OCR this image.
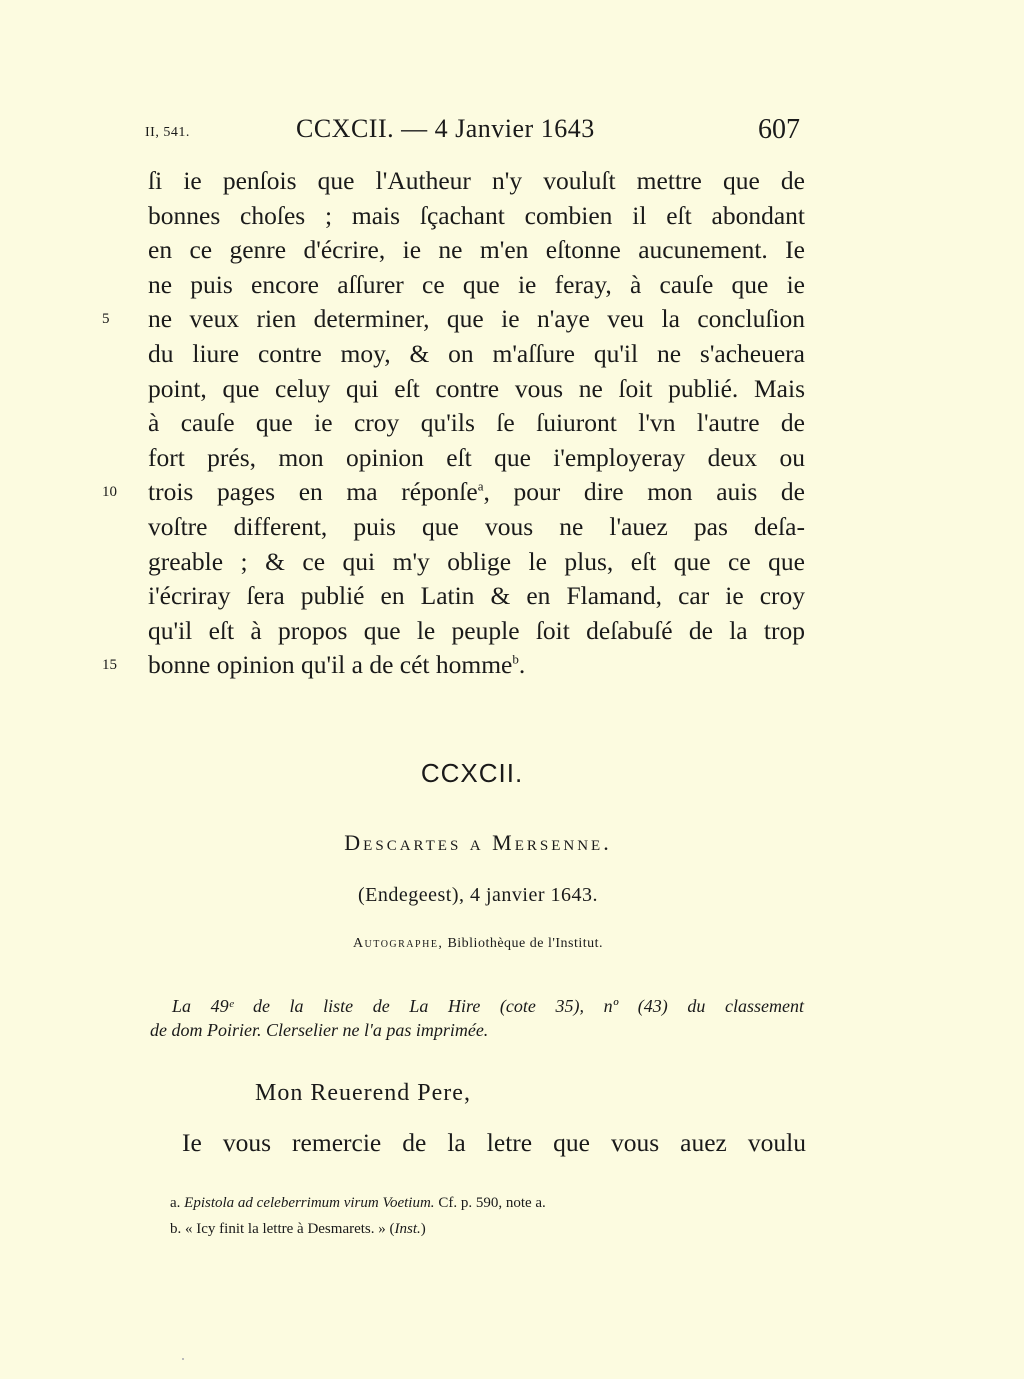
II, 541.	CCXCII. — 4 Janvier 1643	607
ſi ie penſois que l'Autheur n'y vouluſt mettre que de
bonnes choſes ; mais ſçachant combien il eſt abondant
en ce genre d'écrire, ie ne m'en eſtonne aucunement. Ie
ne puis encore aſſurer ce que ie feray, à cauſe que ie
5	ne veux rien determiner, que ie n'aye veu la concluſion
du liure contre moy, & on m'aſſure qu'il ne s'acheuera
point, que celuy qui eſt contre vous ne ſoit publié. Mais
à cauſe que ie croy qu'ils ſe ſuiuront l'vn l'autre de
fort prés, mon opinion eſt que i'employeray deux ou
10	trois pages en ma réponſe$^a$, pour dire mon auis de
voſtre different, puis que vous ne l'auez pas deſa-
greable ; & ce qui m'y oblige le plus, eſt que ce que
i'écriray ſera publié en Latin & en Flamand, car ie croy
qu'il eſt à propos que le peuple ſoit deſabuſé de la trop
15	bonne opinion qu'il a de cét homme$^b$.
CCXCII.
Descartes a Mersenne.
(Endegeest), 4 janvier 1643.
Autographe, Bibliothèque de l'Institut.
La 49ᵉ de la liste de La Hire (cote 35), nº (43) du classement
de dom Poirier. Clerselier ne l'a pas imprimée.
Mon Reuerend Pere,
Ie vous remercie de la letre que vous auez voulu
a. Epistola ad celeberrimum virum Voetium. Cf. p. 590, note a.
b. « Icy finit la lettre à Desmarets. » (Inst.)
